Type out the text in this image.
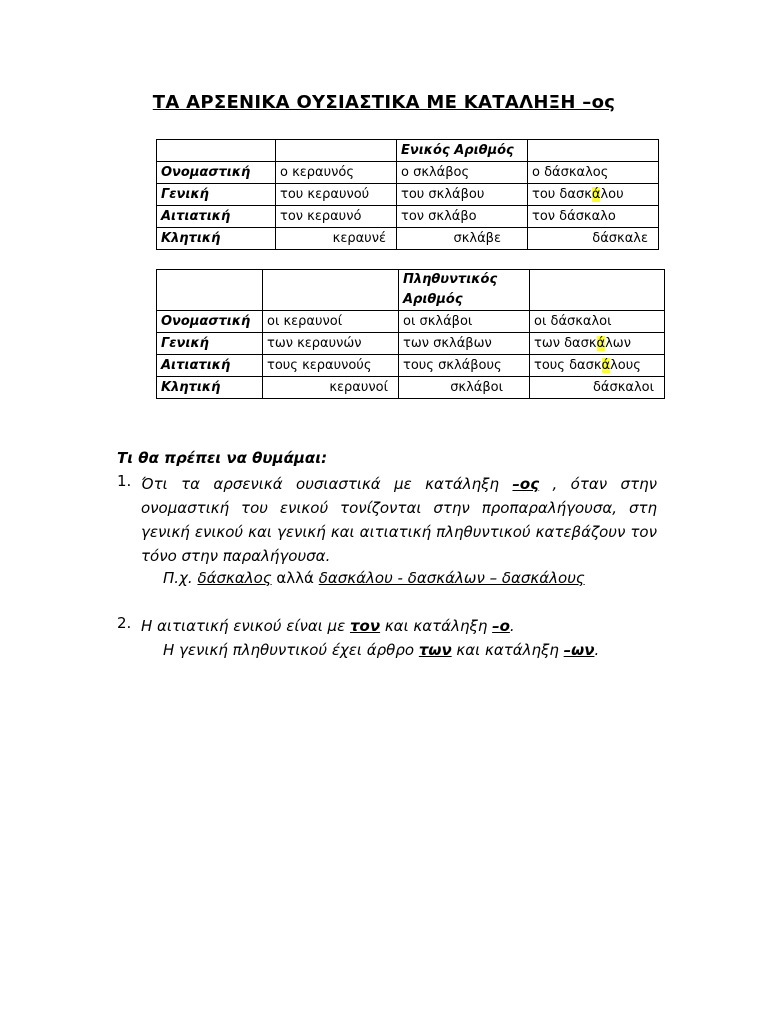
ΤΑ ΑΡΣΕΝΙΚΑ ΟΥΣΙΑΣΤΙΚΑ ΜΕ ΚΑΤΑΛΗΞΗ –ος
		Ενικός Αριθμός	
Ονομαστική	ο κεραυνός	ο σκλάβος	ο δάσκαλος
Γενική	του κεραυνού	του σκλάβου	του δασκάλου
Αιτιατική	τον κεραυνό	τον σκλάβο	τον δάσκαλο
Κλητική	κεραυνέ	σκλάβε	δάσκαλε
		Πληθυντικός Αριθμός	
Ονομαστική	οι κεραυνοί	οι σκλάβοι	οι δάσκαλοι
Γενική	των κεραυνών	των σκλάβων	των δασκάλων
Αιτιατική	τους κεραυνούς	τους σκλάβους	τους δασκάλους
Κλητική	κεραυνοί	σκλάβοι	δάσκαλοι
Τι θα πρέπει να θυμάμαι:
1. Ότι τα αρσενικά ουσιαστικά με κατάληξη –ος , όταν στην ονομαστική του ενικού τονίζονται στην προπαραλήγουσα, στη γενική ενικού και γενική και αιτιατική πληθυντικού κατεβάζουν τον τόνο στην παραλήγουσα.
Π.χ. δάσκαλος αλλά δασκάλου - δασκάλων – δασκάλους
2. Η αιτιατική ενικού είναι με τον και κατάληξη –ο.
Η γενική πληθυντικού έχει άρθρο των και κατάληξη –ων.
